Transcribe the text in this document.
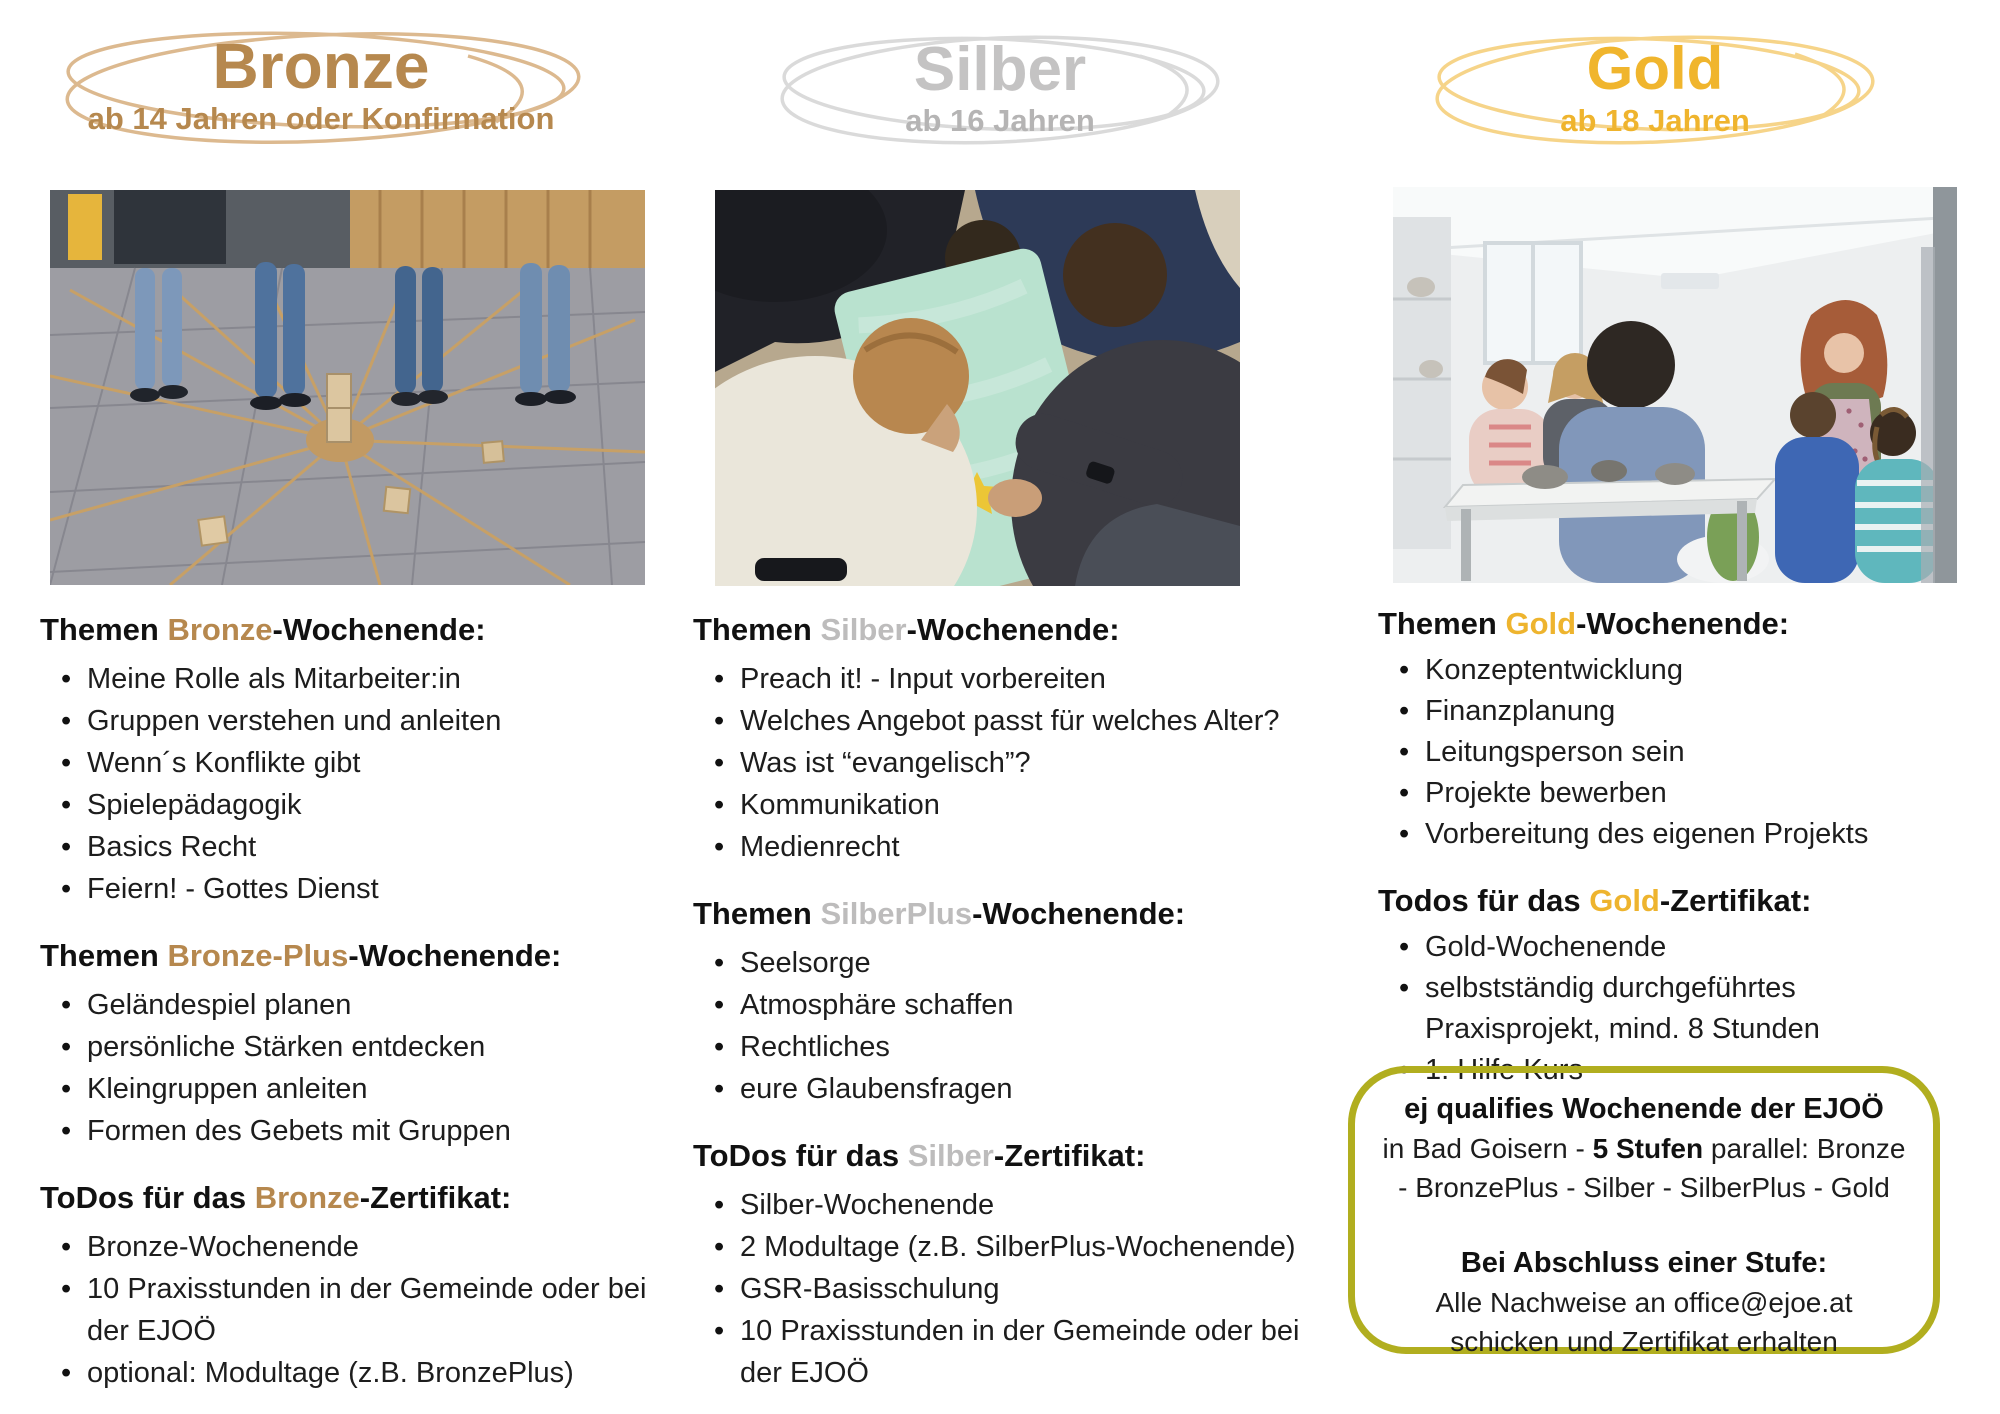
Bronze
ab 14 Jahren oder Konfirmation
Silber
ab 16 Jahren
Gold
ab 18 Jahren
Themen Bronze-Wochenende:
• Meine Rolle als Mitarbeiter:in
• Gruppen verstehen und anleiten
• Wenn´s Konflikte gibt
• Spielepädagogik
• Basics Recht
• Feiern! - Gottes Dienst
Themen Bronze-Plus-Wochenende:
• Geländespiel planen
• persönliche Stärken entdecken
• Kleingruppen anleiten
• Formen des Gebets mit Gruppen
ToDos für das Bronze-Zertifikat:
• Bronze-Wochenende
• 10 Praxisstunden in der Gemeinde oder bei der EJOÖ
• optional: Modultage (z.B. BronzePlus)
Themen Silber-Wochenende:
• Preach it! - Input vorbereiten
• Welches Angebot passt für welches Alter?
• Was ist “evangelisch”?
• Kommunikation
• Medienrecht
Themen SilberPlus-Wochenende:
• Seelsorge
• Atmosphäre schaffen
• Rechtliches
• eure Glaubensfragen
ToDos für das Silber-Zertifikat:
• Silber-Wochenende
• 2 Modultage (z.B. SilberPlus-Wochenende)
• GSR-Basisschulung
• 10 Praxisstunden in der Gemeinde oder bei der EJOÖ
Themen Gold-Wochenende:
• Konzeptentwicklung
• Finanzplanung
• Leitungsperson sein
• Projekte bewerben
• Vorbereitung des eigenen Projekts
Todos für das Gold-Zertifikat:
• Gold-Wochenende
• selbstständig durchgeführtes Praxisprojekt, mind. 8 Stunden
• 1. Hilfe Kurs
ej qualifies Wochenende der EJOÖ
in Bad Goisern - 5 Stufen parallel: Bronze - BronzePlus - Silber - SilberPlus - Gold
Bei Abschluss einer Stufe:
Alle Nachweise an office@ejoe.at schicken und Zertifikat erhalten
